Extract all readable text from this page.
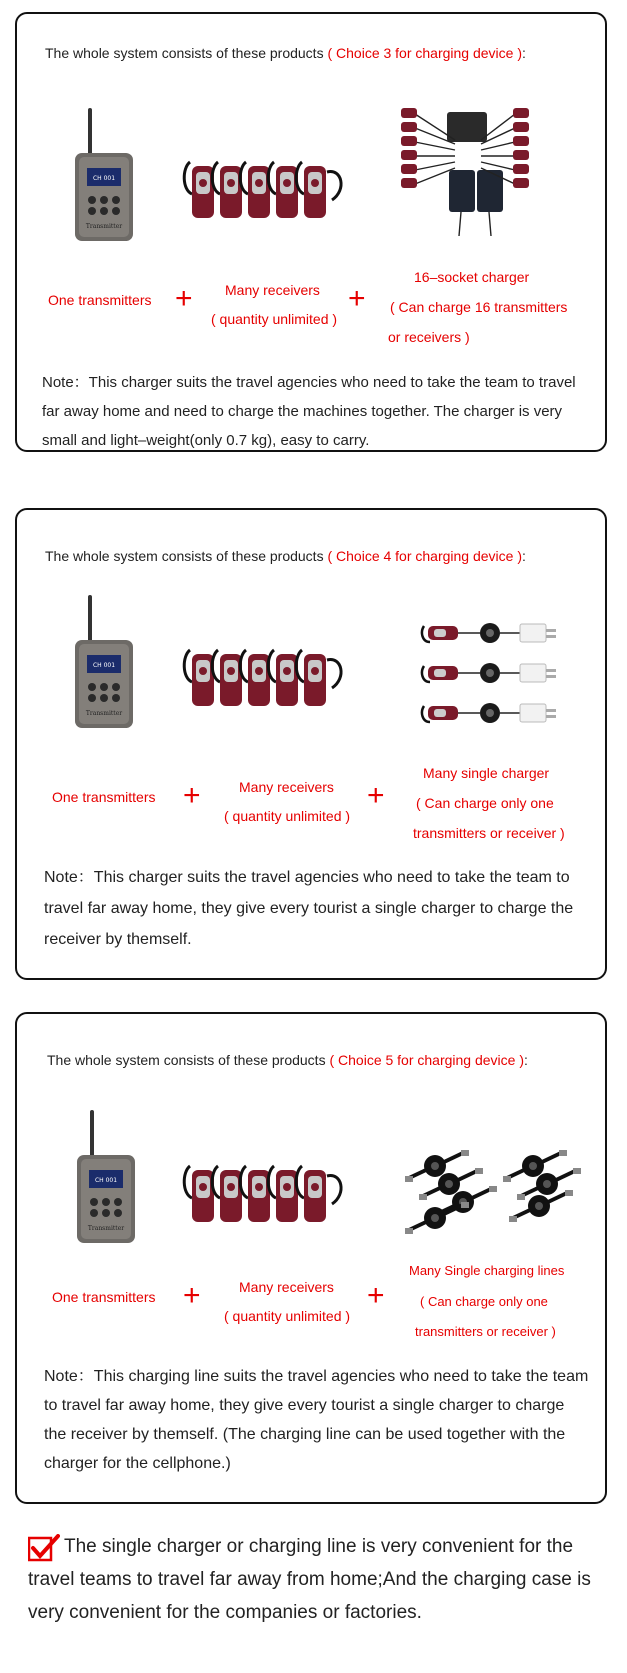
The whole system consists of these products ( Choice 3 for charging device ):
CH 001
Transmitter
One transmitters + Many receivers
( quantity unlimited )
+
16–socket charger
( Can charge 16 transmitters
or receivers )
Note：This charger suits the travel agencies who need to take the team to travel far away home and need to charge the machines together. The charger is very small and light–weight(only 0.7 kg), easy to carry.
The whole system consists of these products ( Choice 4 for charging device ):
CH 001
Transmitter
One transmitters +	Many receivers
( quantity unlimited )
+
Many single charger
( Can charge only one
transmitters or receiver )
Note：This charger suits the travel agencies who need to take the team to travel far away home, they give every tourist a single charger to charge the receiver by themself.
The whole system consists of these products ( Choice 5 for charging device ):
CH 001
Transmitter
One transmitters +	Many receivers
( quantity unlimited )
+
Many Single charging lines
( Can charge only one
transmitters or receiver )
Note：This charging line suits the travel agencies who need to take the team to travel far away home, they give every tourist a single charger to charge the receiver by themself. (The charging line can be used together with the charger for the cellphone.)
The single charger or charging line is very convenient for the travel teams to travel far away from home;And the charging case is very convenient for the companies or factories.
